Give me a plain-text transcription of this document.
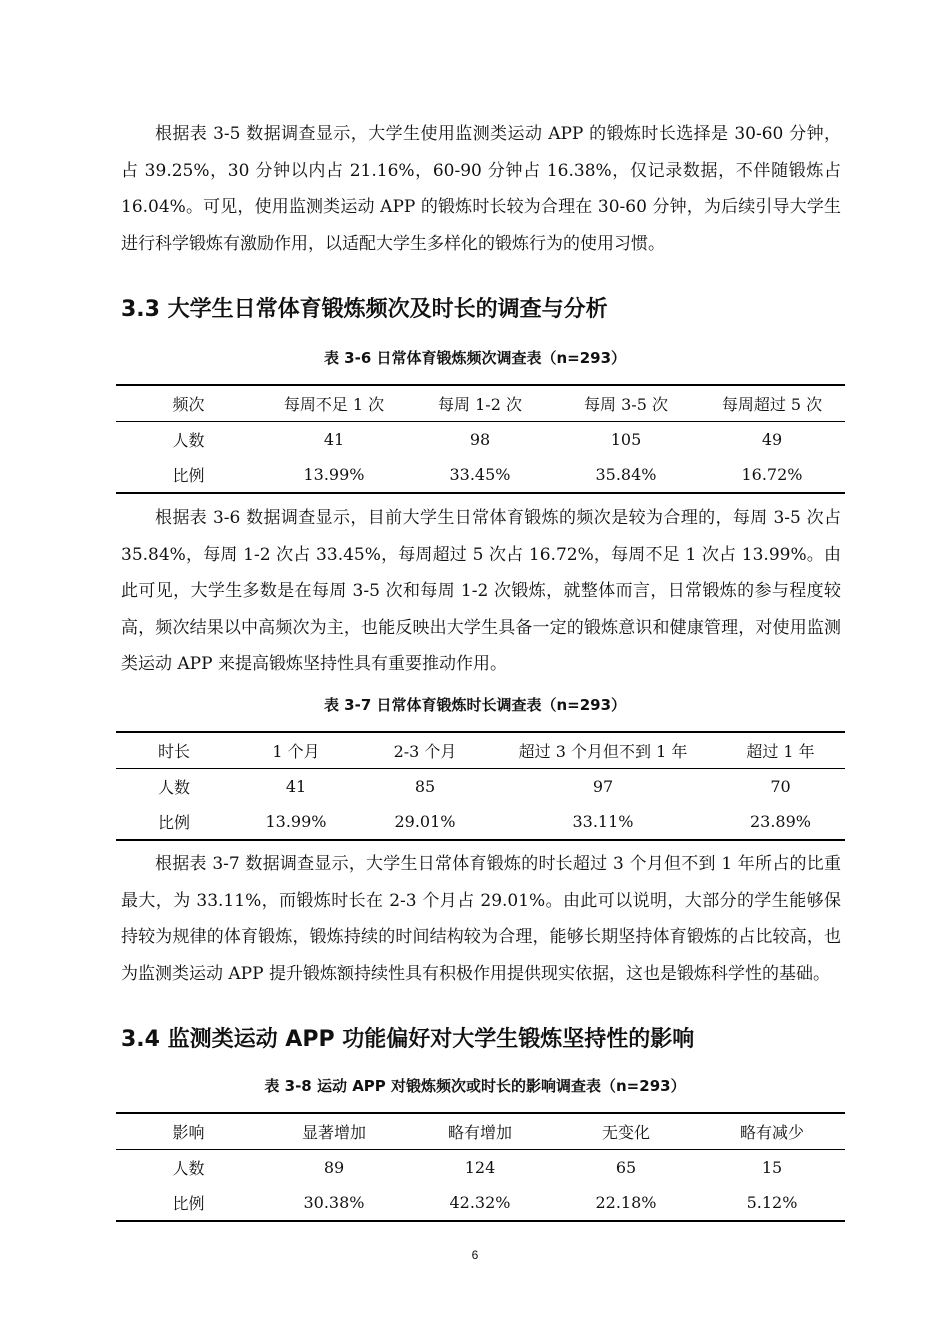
根据表 3-5 数据调查显示，大学生使用监测类运动 APP 的锻炼时长选择是 30-60 分钟，占 39.25%，30 分钟以内占 21.16%，60-90 分钟占 16.38%，仅记录数据，不伴随锻炼占 16.04%。可见，使用监测类运动 APP 的锻炼时长较为合理在 30-60 分钟，为后续引导大学生进行科学锻炼有激励作用，以适配大学生多样化的锻炼行为的使用习惯。

3.3 大学生日常体育锻炼频次及时长的调查与分析

表 3-6 日常体育锻炼频次调查表（n=293）

频次	每周不足 1 次	每周 1-2 次	每周 3-5 次	每周超过 5 次
人数	41	98	105	49
比例	13.99%	33.45%	35.84%	16.72%

根据表 3-6 数据调查显示，目前大学生日常体育锻炼的频次是较为合理的，每周 3-5 次占 35.84%，每周 1-2 次占 33.45%，每周超过 5 次占 16.72%，每周不足 1 次占 13.99%。由此可见，大学生多数是在每周 3-5 次和每周 1-2 次锻炼，就整体而言，日常锻炼的参与程度较高，频次结果以中高频次为主，也能反映出大学生具备一定的锻炼意识和健康管理，对使用监测类运动 APP 来提高锻炼坚持性具有重要推动作用。

表 3-7 日常体育锻炼时长调查表（n=293）

时长	1 个月	2-3 个月	超过 3 个月但不到 1 年	超过 1 年
人数	41	85	97	70
比例	13.99%	29.01%	33.11%	23.89%

根据表 3-7 数据调查显示，大学生日常体育锻炼的时长超过 3 个月但不到 1 年所占的比重最大，为 33.11%，而锻炼时长在 2-3 个月占 29.01%。由此可以说明，大部分的学生能够保持较为规律的体育锻炼，锻炼持续的时间结构较为合理，能够长期坚持体育锻炼的占比较高，也为监测类运动 APP 提升锻炼额持续性具有积极作用提供现实依据，这也是锻炼科学性的基础。

3.4 监测类运动 APP 功能偏好对大学生锻炼坚持性的影响

表 3-8 运动 APP 对锻炼频次或时长的影响调查表（n=293）

影响	显著增加	略有增加	无变化	略有减少
人数	89	124	65	15
比例	30.38%	42.32%	22.18%	5.12%
6
